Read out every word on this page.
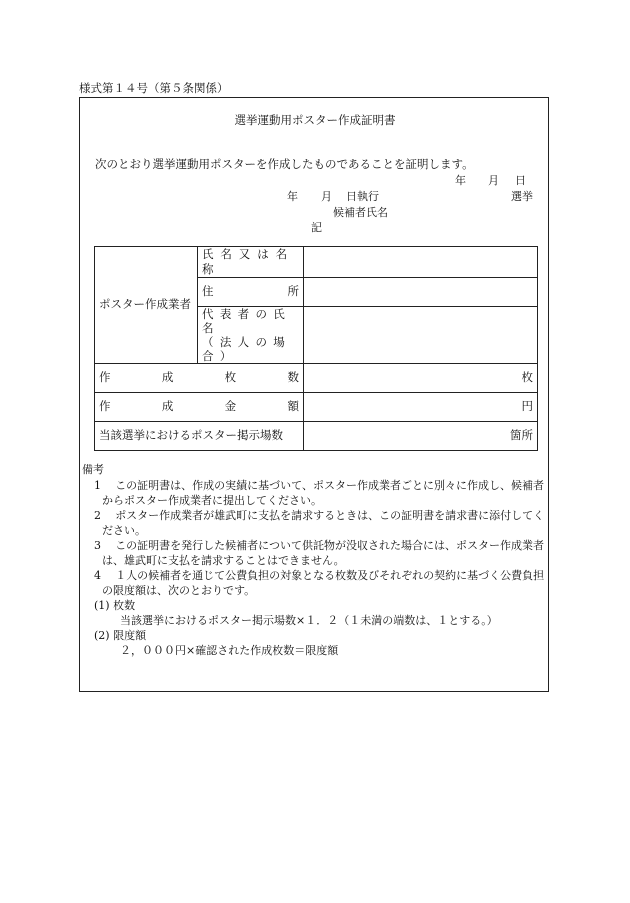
様式第１４号（第５条関係）
選挙運動用ポスター作成証明書
次のとおり選挙運動用ポスターを作成したものであることを証明します。
年 月 日
年 月 日執行	選挙
候補者氏名
記
ポスター作成業者	氏名又は名称	
	住 所	

	代表者の氏名
（法人の場合）	

作成枚数		枚
作成金額		円
当該選挙におけるポスター掲示場数		箇所
備考
1	この証明書は、作成の実績に基づいて、ポスター作成業者ごとに別々に作成し、候補者からポスター作成業者に提出してください。
2	ポスター作成業者が雄武町に支払を請求するときは、この証明書を請求書に添付してください。
3	この証明書を発行した候補者について供託物が没収された場合には、ポスター作成業者は、雄武町に支払を請求することはできません。
4	１人の候補者を通じて公費負担の対象となる枚数及びそれぞれの契約に基づく公費負担の限度額は、次のとおりです。
(1) 枚数
当該選挙におけるポスター掲示場数×１．２（１未満の端数は、１とする。）
(2) 限度額
２，０００円×確認された作成枚数＝限度額
